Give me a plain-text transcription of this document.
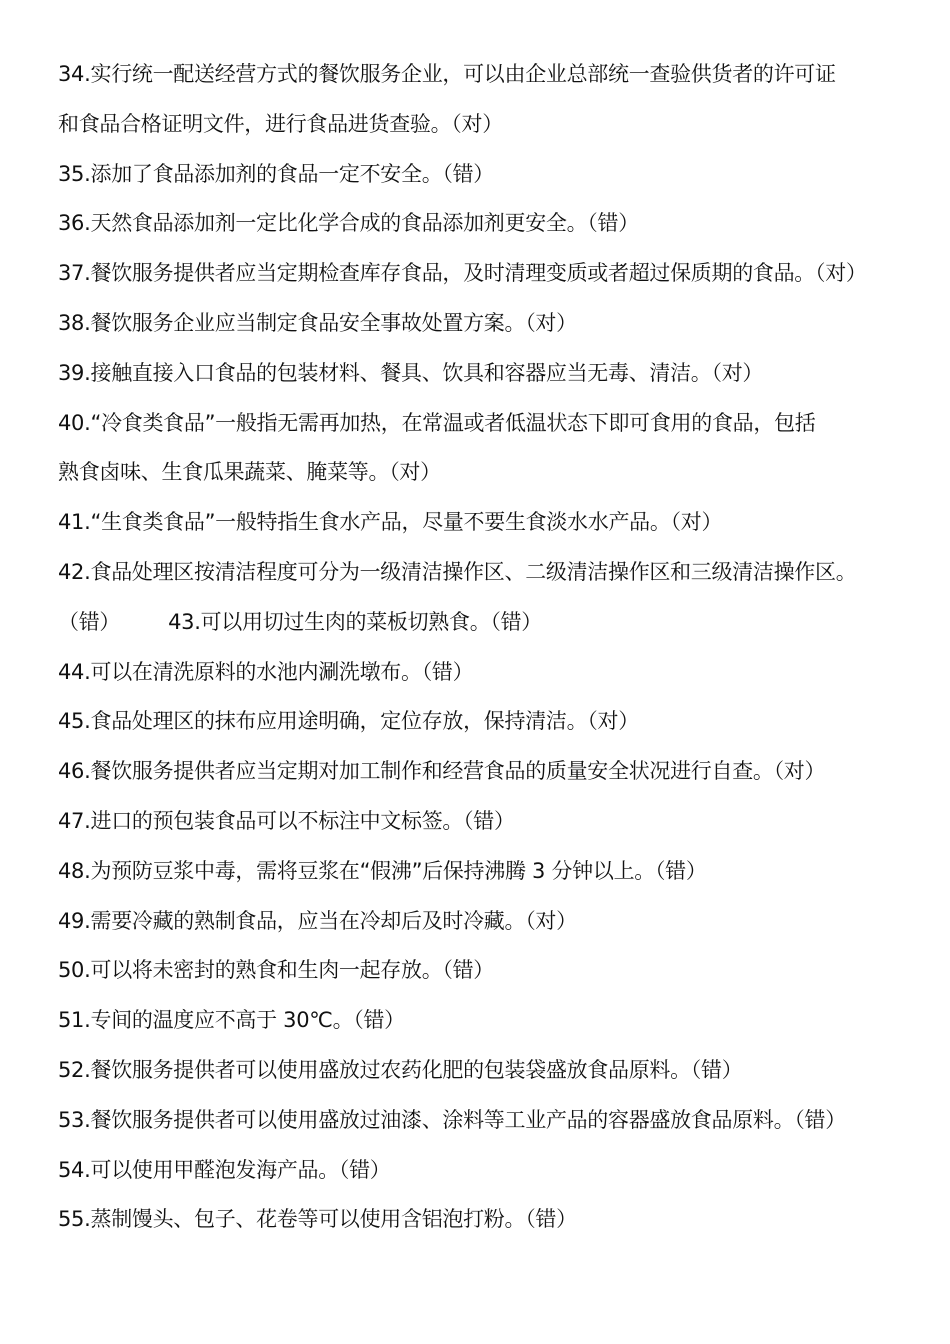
34.实行统一配送经营方式的餐饮服务企业，可以由企业总部统一查验供货者的许可证
和食品合格证明文件，进行食品进货查验。（对）
35.添加了食品添加剂的食品一定不安全。（错）
36.天然食品添加剂一定比化学合成的食品添加剂更安全。（错）
37.餐饮服务提供者应当定期检查库存食品，及时清理变质或者超过保质期的食品。（对）
38.餐饮服务企业应当制定食品安全事故处置方案。（对）
39.接触直接入口食品的包装材料、餐具、饮具和容器应当无毒、清洁。（对）
40.“冷食类食品”一般指无需再加热，在常温或者低温状态下即可食用的食品，包括
熟食卤味、生食瓜果蔬菜、腌菜等。（对）
41.“生食类食品”一般特指生食水产品，尽量不要生食淡水水产品。（对）
42.食品处理区按清洁程度可分为一级清洁操作区、二级清洁操作区和三级清洁操作区。
（错） 43.可以用切过生肉的菜板切熟食。（错）
44.可以在清洗原料的水池内涮洗墩布。（错）
45.食品处理区的抹布应用途明确，定位存放，保持清洁。（对）
46.餐饮服务提供者应当定期对加工制作和经营食品的质量安全状况进行自查。（对）
47.进口的预包装食品可以不标注中文标签。（错）
48.为预防豆浆中毒，需将豆浆在“假沸”后保持沸腾 3 分钟以上。（错）
49.需要冷藏的熟制食品，应当在冷却后及时冷藏。（对）
50.可以将未密封的熟食和生肉一起存放。（错）
51.专间的温度应不高于 30℃。（错）
52.餐饮服务提供者可以使用盛放过农药化肥的包装袋盛放食品原料。（错）
53.餐饮服务提供者可以使用盛放过油漆、涂料等工业产品的容器盛放食品原料。（错）
54.可以使用甲醛泡发海产品。（错）
55.蒸制馒头、包子、花卷等可以使用含铝泡打粉。（错）
